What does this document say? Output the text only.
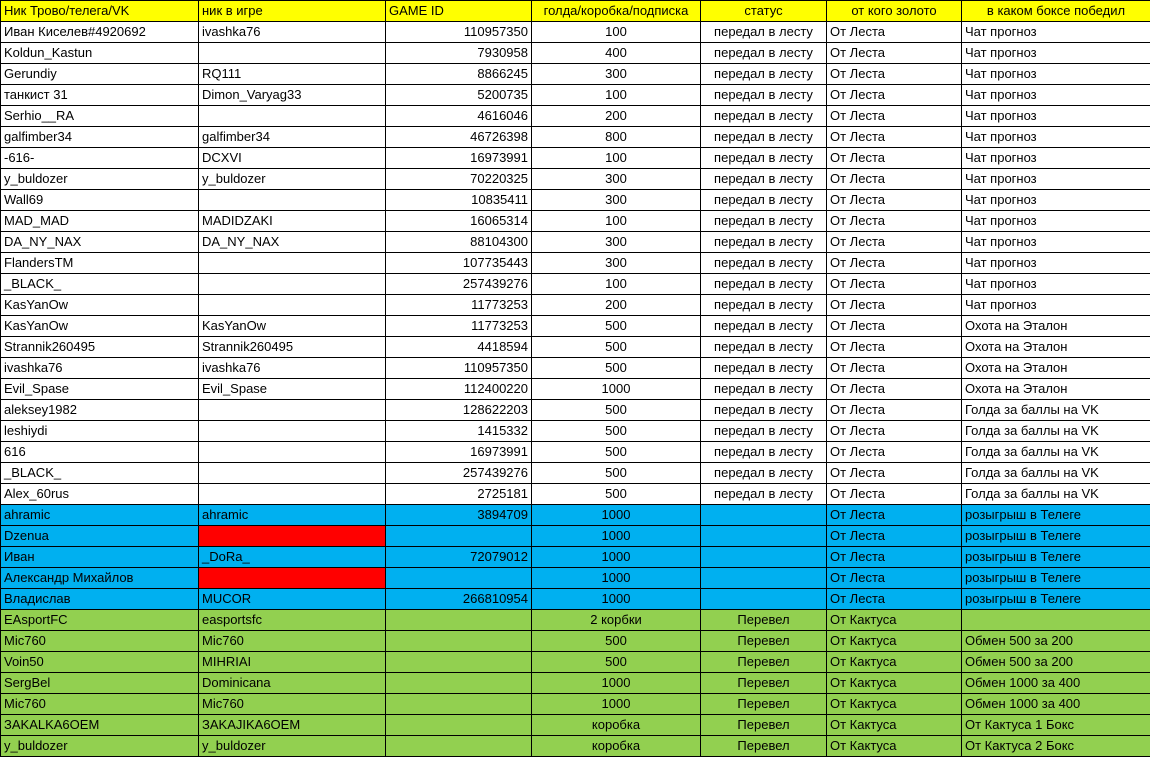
Ник Трово/телега/VK	ник в игре	GAME ID	голда/коробка/подписка	статус	от кого золото	в каком боксе победил
Иван Киселев#4920692	ivashka76	110957350	100	передал в лесту	От Леста	Чат прогноз
Koldun_Kastun		7930958	400	передал в лесту	От Леста	Чат прогноз
Gerundiy	RQ111	8866245	300	передал в лесту	От Леста	Чат прогноз
танкист 31	Dimon_Varyag33	5200735	100	передал в лесту	От Леста	Чат прогноз
Serhio__RA		4616046	200	передал в лесту	От Леста	Чат прогноз
galfimber34	galfimber34	46726398	800	передал в лесту	От Леста	Чат прогноз
-616-	DCXVI	16973991	100	передал в лесту	От Леста	Чат прогноз
y_buldozer	y_buldozer	70220325	300	передал в лесту	От Леста	Чат прогноз
Wall69		10835411	300	передал в лесту	От Леста	Чат прогноз
MAD_MAD	MADIDZAKI	16065314	100	передал в лесту	От Леста	Чат прогноз
DA_NY_NAX	DA_NY_NAX	88104300	300	передал в лесту	От Леста	Чат прогноз
FlandersTM		107735443	300	передал в лесту	От Леста	Чат прогноз
_BLACK_		257439276	100	передал в лесту	От Леста	Чат прогноз
KasYanOw		11773253	200	передал в лесту	От Леста	Чат прогноз
KasYanOw	KasYanOw	11773253	500	передал в лесту	От Леста	Охота на Эталон
Strannik260495	Strannik260495	4418594	500	передал в лесту	От Леста	Охота на Эталон
ivashka76	ivashka76	110957350	500	передал в лесту	От Леста	Охота на Эталон
Evil_Spase	Evil_Spase	112400220	1000	передал в лесту	От Леста	Охота на Эталон
aleksey1982		128622203	500	передал в лесту	От Леста	Голда за баллы на VK
leshiydi		1415332	500	передал в лесту	От Леста	Голда за баллы на VK
616		16973991	500	передал в лесту	От Леста	Голда за баллы на VK
_BLACK_		257439276	500	передал в лесту	От Леста	Голда за баллы на VK
Alex_60rus		2725181	500	передал в лесту	От Леста	Голда за баллы на VK
ahramic	ahramic	3894709	1000		От Леста	розыгрыш в Телеге
Dzenua			1000		От Леста	розыгрыш в Телеге
Иван	_DoRa_	72079012	1000		От Леста	розыгрыш в Телеге
Александр Михайлов			1000		От Леста	розыгрыш в Телеге
Владислав	MUCOR	266810954	1000		От Леста	розыгрыш в Телеге
EAsportFC	easportsfc		2 корбки	Перевел	От Кактуса	
Mic760	Mic760		500	Перевел	От Кактуса	Обмен 500 за 200
Voin50	MIHRIAI		500	Перевел	От Кактуса	Обмен 500 за 200
SergBel	Dominicana		1000	Перевел	От Кактуса	Обмен 1000 за 400
Mic760	Mic760		1000	Перевел	От Кактуса	Обмен 1000 за 400
ЗАKALKA6OEM	ЗАKAJIKA6OEM		коробка	Перевел	От Кактуса	От Кактуса 1 Бокс
y_buldozer	y_buldozer		коробка	Перевел	От Кактуса	От Кактуса 2 Бокс
